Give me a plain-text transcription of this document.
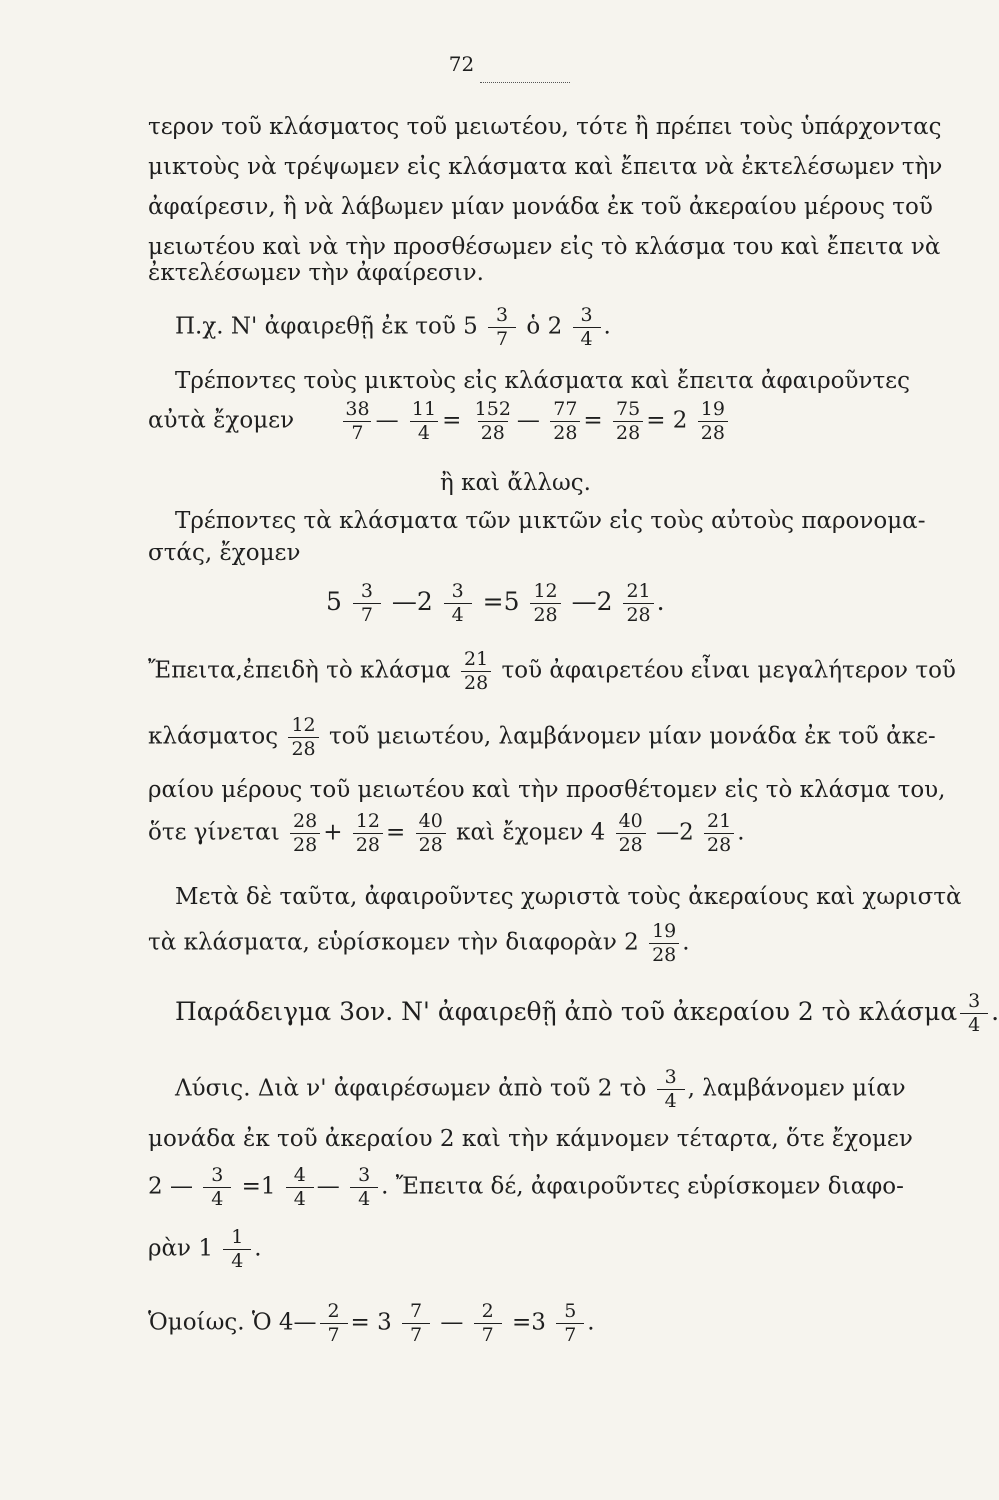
72
τερον τοῦ κλάσματος τοῦ μειωτέου, τότε ἢ πρέπει τοὺς ὑπάρχοντας
μικτοὺς νὰ τρέψωμεν εἰς κλάσματα καὶ ἔπειτα νὰ ἐκτελέσωμεν τὴν
ἀφαίρεσιν, ἢ νὰ λάβωμεν μίαν μονάδα ἐκ τοῦ ἀκεραίου μέρους τοῦ
μειωτέου καὶ νὰ τὴν προσθέσωμεν εἰς τὸ κλάσμα του καὶ ἔπειτα νὰ
ἐκτελέσωμεν τὴν ἀφαίρεσιν.
Π.χ. Ν' ἀφαιρεθῇ ἐκ τοῦ $5 \frac{3}{7}$ ὁ $2 \frac{3}{4}$ .
Τρέποντες τοὺς μικτοὺς εἰς κλάσματα καὶ ἔπειτα ἀφαιροῦντες
αὐτὰ ἔχομεν	$\frac{38}{7}$ — $\frac{11}{4} = \frac{152}{28}$ — $\frac{77}{28} = \frac{75}{28} = 2 \frac{19}{28}$
ἢ καὶ ἄλλως.
Τρέποντες τὰ κλάσματα τῶν μικτῶν εἰς τοὺς αὐτοὺς παρονομα-
στάς, ἔχομεν
$5 \frac{3}{7}$ —2 $\frac{3}{4} =5 \frac{12}{28}$ —2 $\frac{21}{28}$ .
Ἔπειτα,ἐπειδὴ τὸ κλάσμα $\frac{21}{28}$ τοῦ ἀφαιρετέου εἶναι μεγαλήτερον τοῦ
κλάσματος $\frac{12}{28}$ τοῦ μειωτέου, λαμβάνομεν μίαν μονάδα ἐκ τοῦ ἀκε-
ραίου μέρους τοῦ μειωτέου καὶ τὴν προσθέτομεν εἰς τὸ κλάσμα του,
ὅτε γίνεται $\frac{28}{28} + \frac{12}{28} = \frac{40}{28}$ καὶ ἔχομεν $4 \frac{40}{28}$ —2 $\frac{21}{28}$ .
Μετὰ δὲ ταῦτα, ἀφαιροῦντες χωριστὰ τοὺς ἀκεραίους καὶ χωριστὰ
τὰ κλάσματα, εὑρίσκομεν τὴν διαφορὰν $2 \frac{19}{28}$ .
Παράδειγμα 3ον. Ν' ἀφαιρεθῇ ἀπὸ τοῦ ἀκεραίου 2 τὸ κλάσμα $\frac{3}{4}$ .
Λύσις. Διὰ ν' ἀφαιρέσωμεν ἀπὸ τοῦ 2 τὸ $\frac{3}{4}$ , λαμβάνομεν μίαν
μονάδα ἐκ τοῦ ἀκεραίου 2 καὶ τὴν κάμνομεν τέταρτα, ὅτε ἔχομεν
2 — $\frac{3}{4} =1 \frac{4}{4}$ — $\frac{3}{4}$ . Ἔπειτα δέ, ἀφαιροῦντες εὑρίσκομεν διαφο-
ρὰν $1 \frac{1}{4}$ .
Ὁμοίως. Ὁ 4— $\frac{2}{7} = 3 \frac{7}{7}$ — $\frac{2}{7} =3 \frac{5}{7}$ .
